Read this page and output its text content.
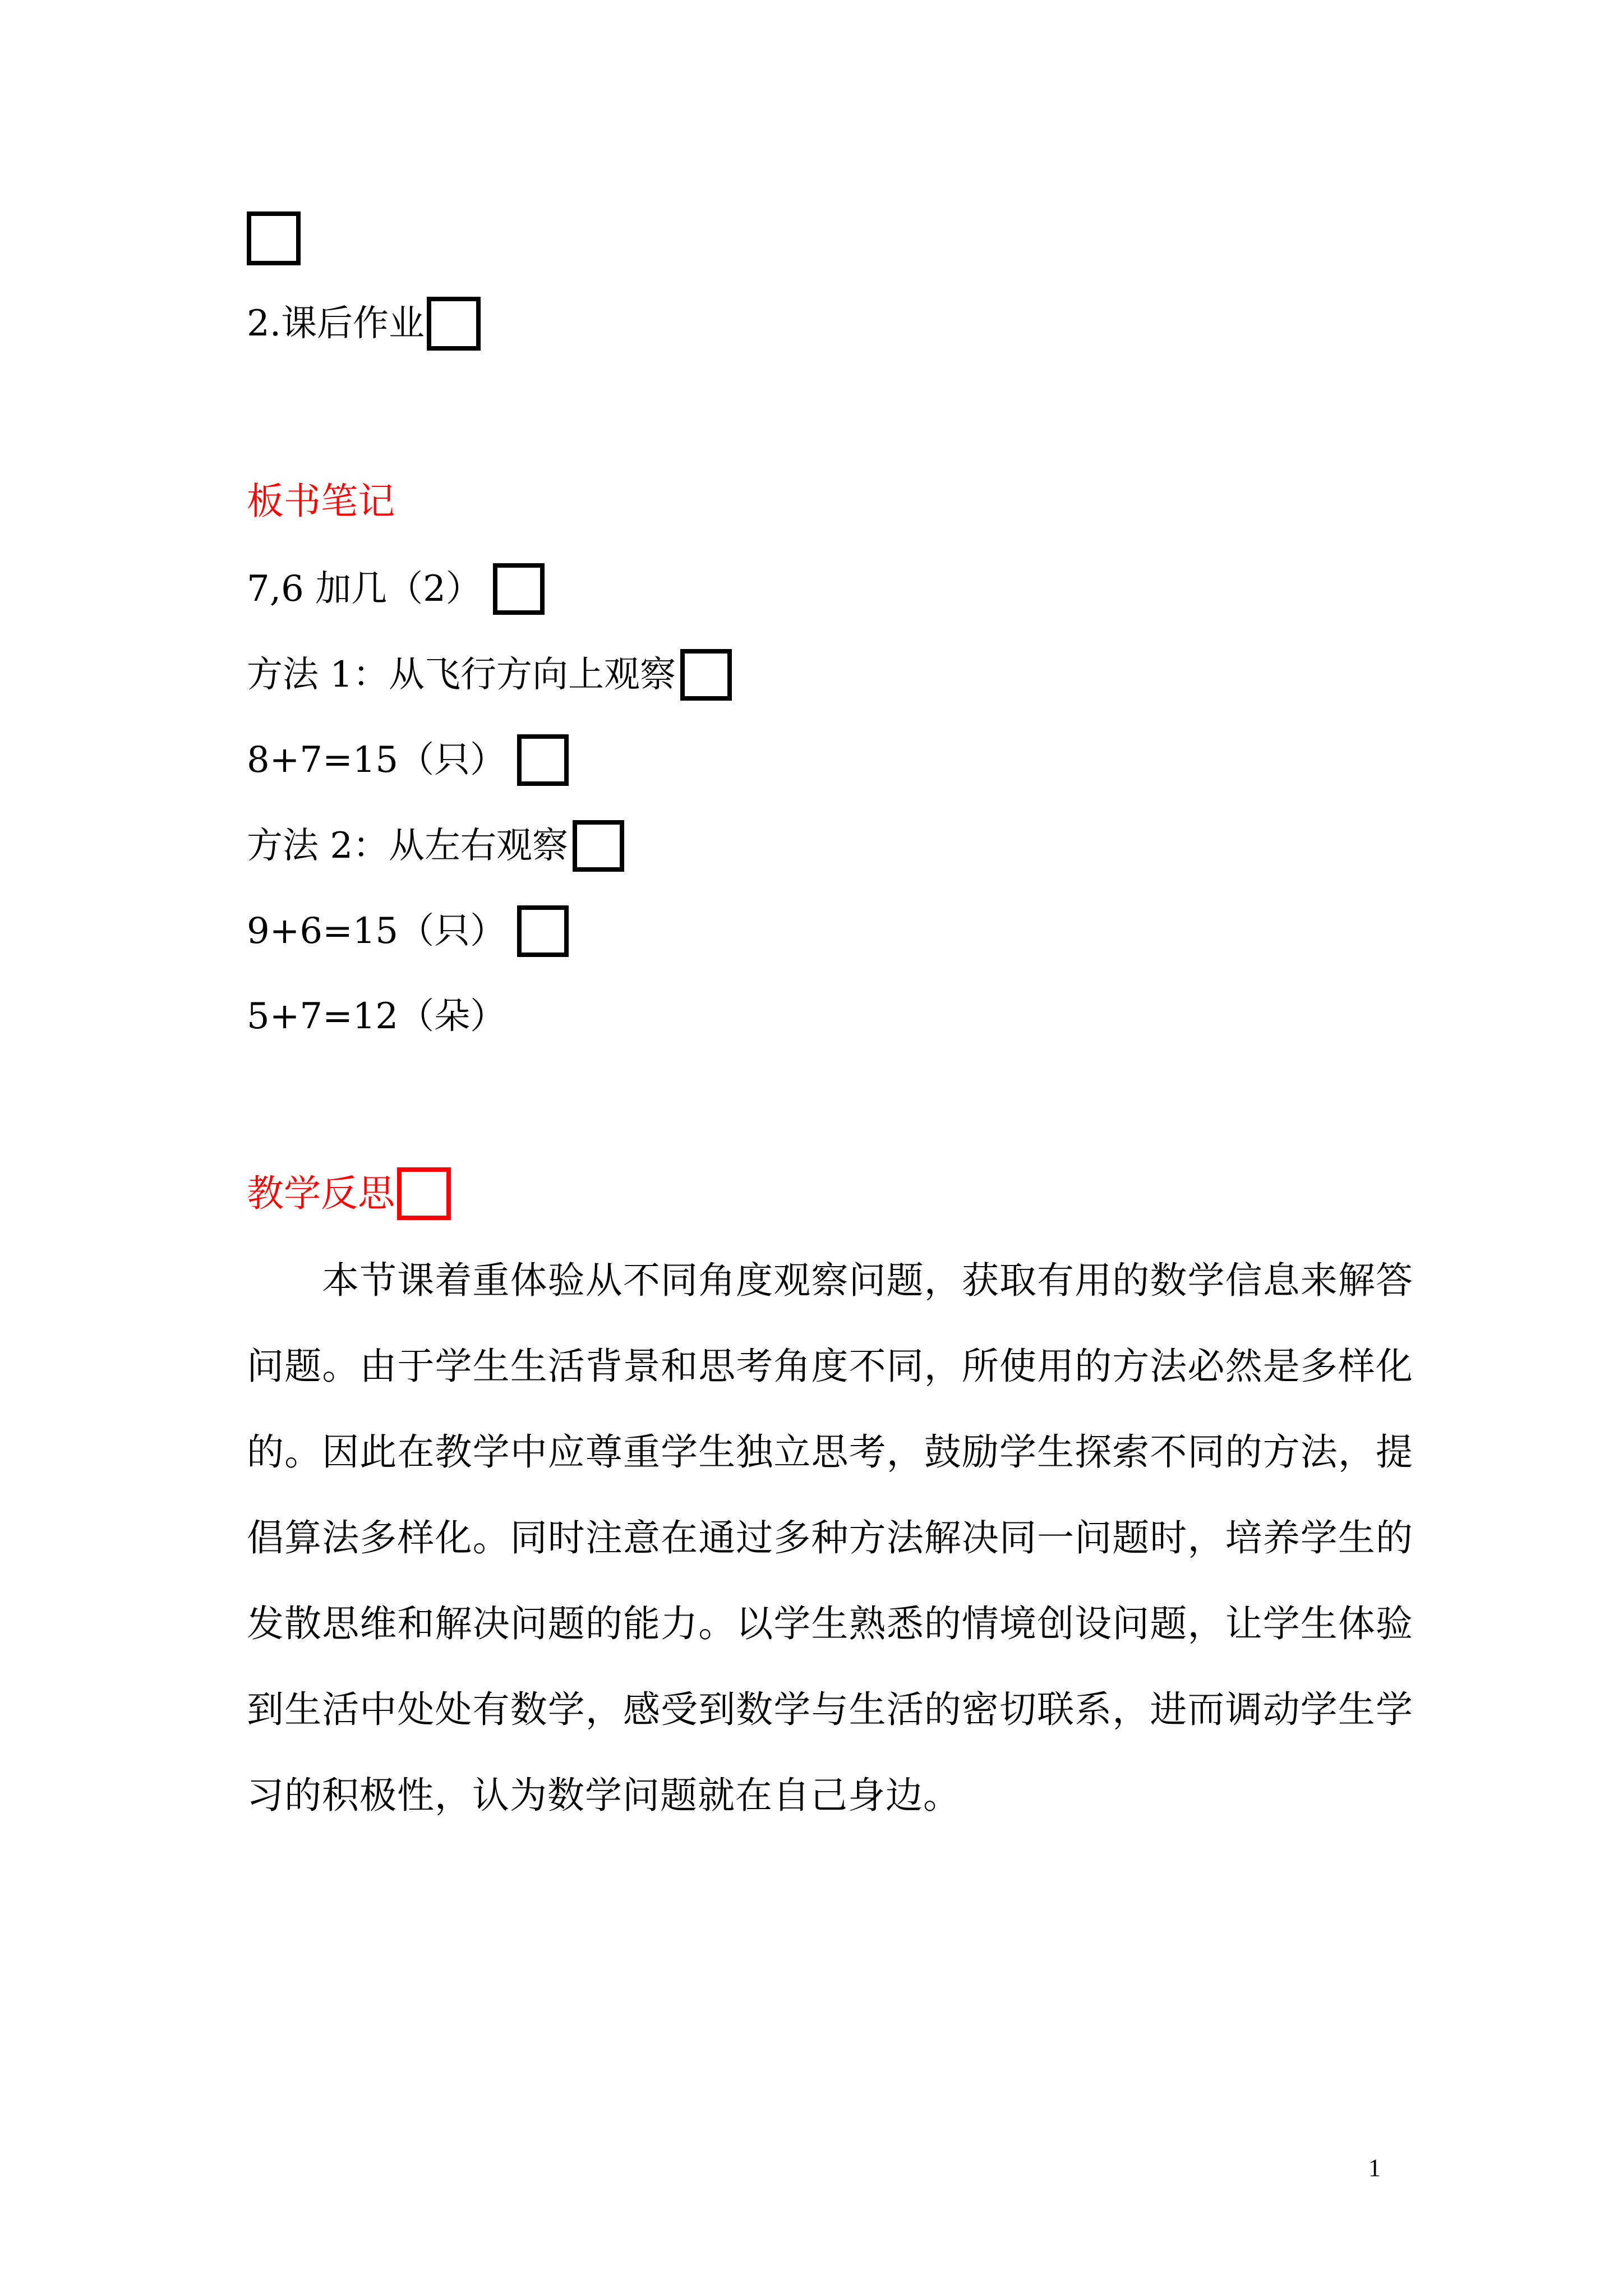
2.课后作业
板书笔记
7,6 加几（2）
方法 1：从飞行方向上观察
8+7=15（只）
方法 2：从左右观察
9+6=15（只）
5+7=12（朵）
教学反思
本节课着重体验从不同角度观察问题，获取有用的数学信息来解答问题。由于学生生活背景和思考角度不同，所使用的方法必然是多样化的。因此在教学中应尊重学生独立思考，鼓励学生探索不同的方法，提倡算法多样化。同时注意在通过多种方法解决同一问题时，培养学生的发散思维和解决问题的能力。以学生熟悉的情境创设问题，让学生体验到生活中处处有数学，感受到数学与生活的密切联系，进而调动学生学习的积极性，认为数学问题就在自己身边。
1
